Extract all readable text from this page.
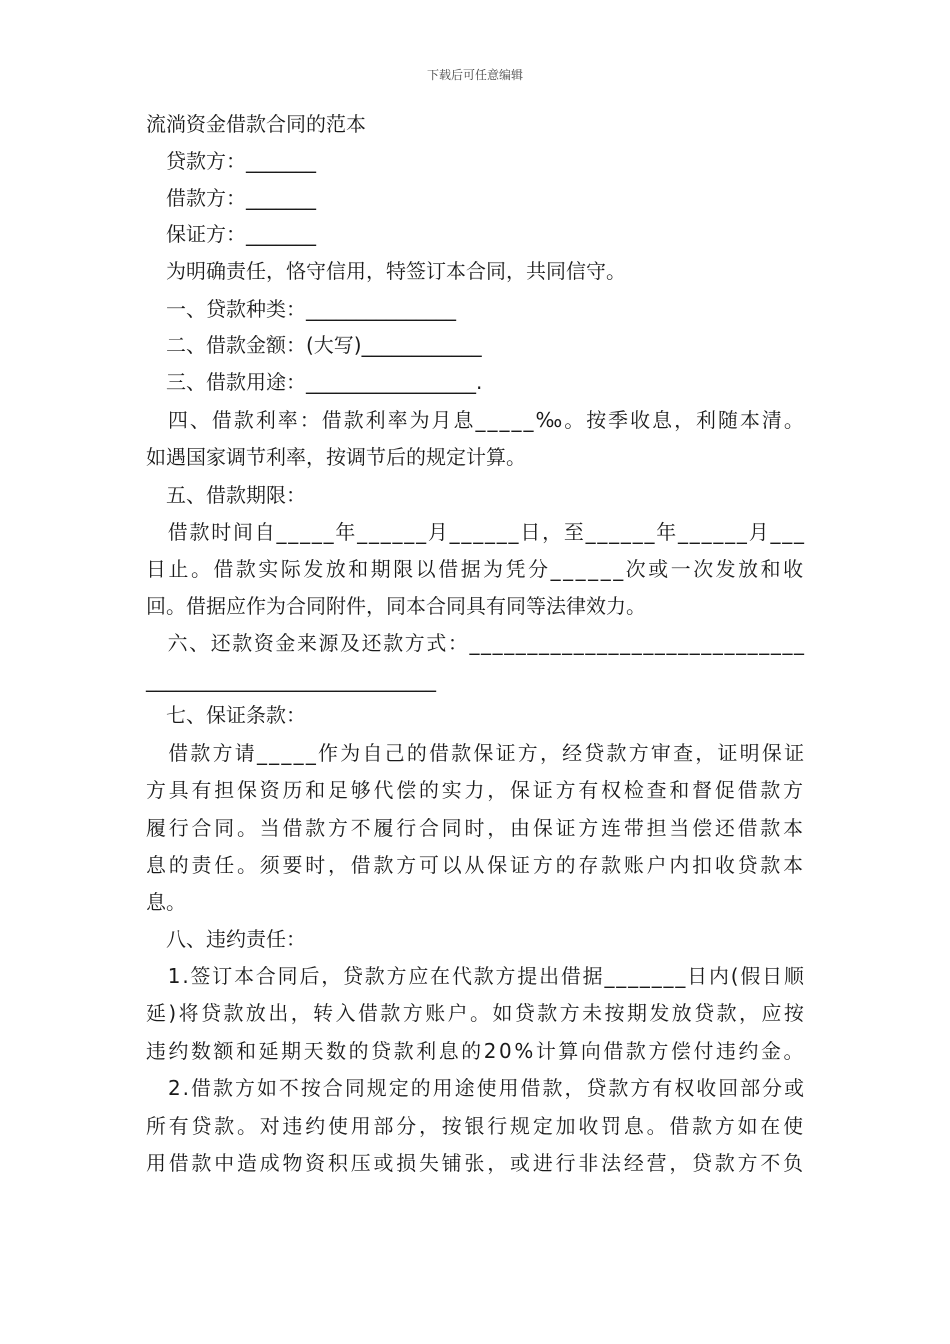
下载后可任意编辑
流淌资金借款合同的范本
　贷款方：_______
　借款方：_______
　保证方：_______
　为明确责任，恪守信用，特签订本合同，共同信守。
　一、贷款种类：_______________
　二、借款金额：(大写)____________
　三、借款用途：_________________.
　四、借款利率：借款利率为月息_____‰。按季收息，利随本清。
如遇国家调节利率，按调节后的规定计算。
　五、借款期限：
　借款时间自_____年______月______日，至______年______月___
日止。借款实际发放和期限以借据为凭分______次或一次发放和收
回。借据应作为合同附件，同本合同具有同等法律效力。
　六、还款资金来源及还款方式：_____________________________
_____________________________
　七、保证条款：
　借款方请_____作为自己的借款保证方，经贷款方审查，证明保证
方具有担保资历和足够代偿的实力，保证方有权检查和督促借款方
履行合同。当借款方不履行合同时，由保证方连带担当偿还借款本
息的责任。须要时，借款方可以从保证方的存款账户内扣收贷款本
息。
　八、违约责任：
　1.签订本合同后，贷款方应在代款方提出借据_______日内(假日顺
延)将贷款放出，转入借款方账户。如贷款方未按期发放贷款，应按
违约数额和延期天数的贷款利息的20%计算向借款方偿付违约金。
　2.借款方如不按合同规定的用途使用借款，贷款方有权收回部分或
所有贷款。对违约使用部分，按银行规定加收罚息。借款方如在使
用借款中造成物资积压或损失铺张，或进行非法经营，贷款方不负
